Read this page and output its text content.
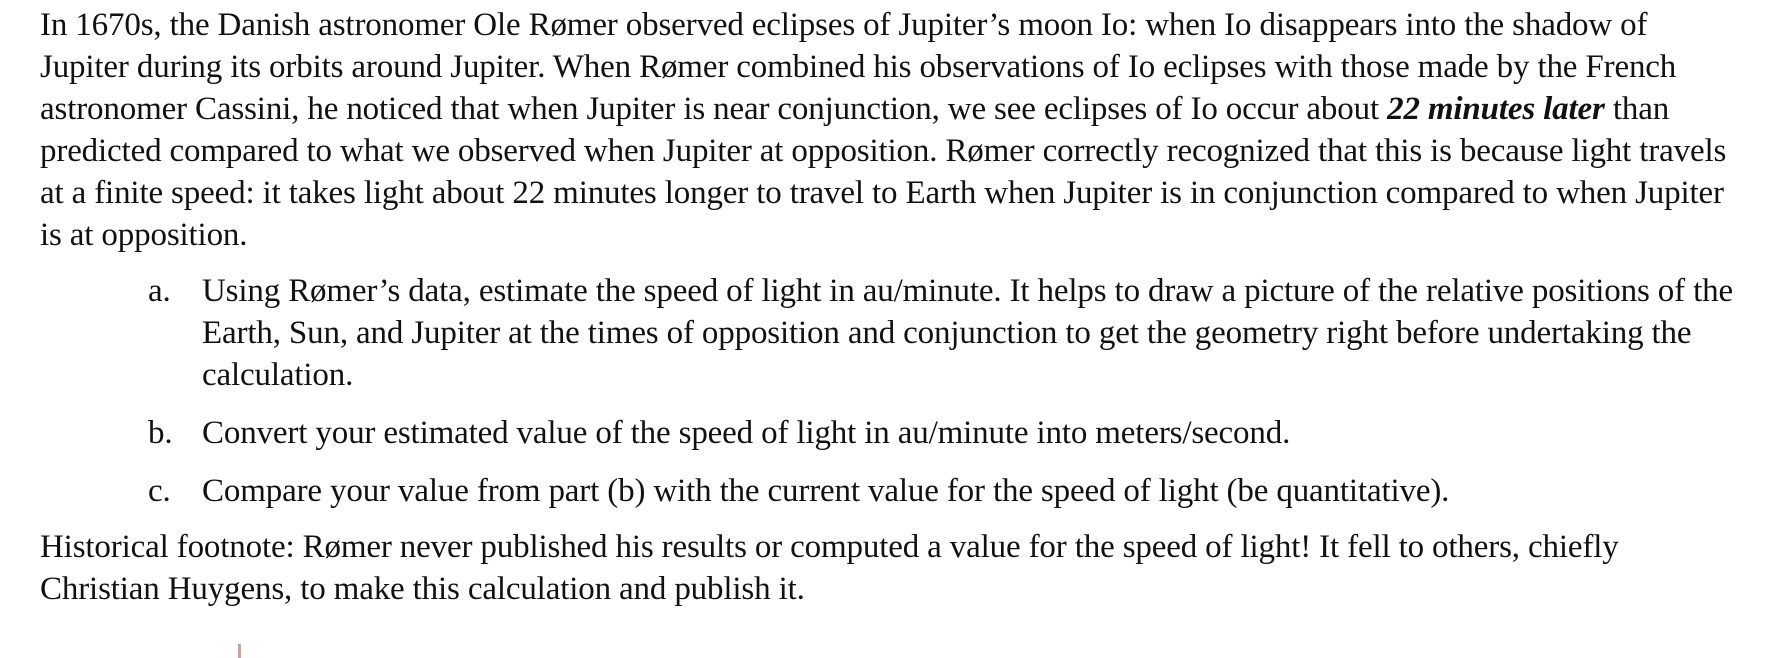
In 1670s, the Danish astronomer Ole Rømer observed eclipses of Jupiter’s moon Io: when Io disappears into the shadow of Jupiter during its orbits around Jupiter. When Rømer combined his observations of Io eclipses with those made by the French astronomer Cassini, he noticed that when Jupiter is near conjunction, we see eclipses of Io occur about 22 minutes later than predicted compared to what we observed when Jupiter at opposition. Rømer correctly recognized that this is because light travels at a finite speed: it takes light about 22 minutes longer to travel to Earth when Jupiter is in conjunction compared to when Jupiter is at opposition.

a. Using Rømer’s data, estimate the speed of light in au/minute. It helps to draw a picture of the relative positions of the Earth, Sun, and Jupiter at the times of opposition and conjunction to get the geometry right before undertaking the calculation.
b. Convert your estimated value of the speed of light in au/minute into meters/second.
c. Compare your value from part (b) with the current value for the speed of light (be quantitative).

Historical footnote: Rømer never published his results or computed a value for the speed of light! It fell to others, chiefly Christian Huygens, to make this calculation and publish it.
